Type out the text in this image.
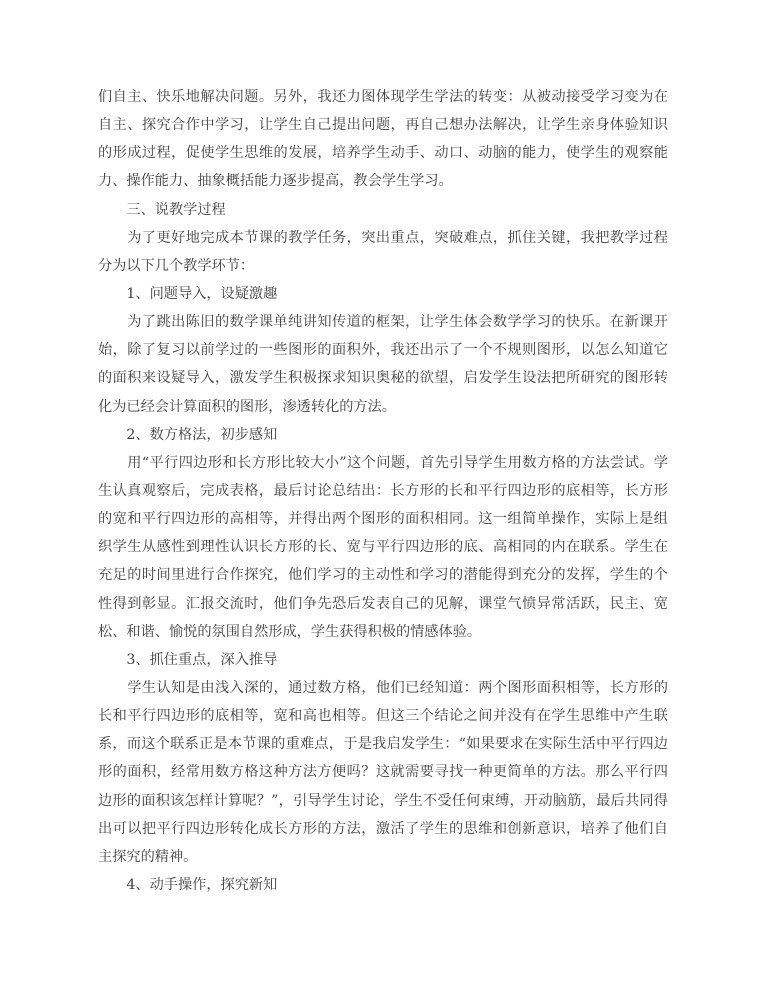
们自主、快乐地解决问题。另外，我还力图体现学生学法的转变：从被动接受学习变为在
自主、探究合作中学习，让学生自己提出问题，再自己想办法解决，让学生亲身体验知识
的形成过程，促使学生思维的发展，培养学生动手、动口、动脑的能力，使学生的观察能
力、操作能力、抽象概括能力逐步提高，教会学生学习。
　　三、说教学过程
　　为了更好地完成本节课的教学任务，突出重点，突破难点，抓住关键，我把教学过程
分为以下几个教学环节：
　　1、问题导入，设疑激趣
　　为了跳出陈旧的数学课单纯讲知传道的框架，让学生体会数学学习的快乐。在新课开
始，除了复习以前学过的一些图形的面积外，我还出示了一个不规则图形，以怎么知道它
的面积来设疑导入，激发学生积极探求知识奥秘的欲望，启发学生设法把所研究的图形转
化为已经会计算面积的图形，渗透转化的方法。
　　2、数方格法，初步感知
　　用“平行四边形和长方形比较大小”这个问题，首先引导学生用数方格的方法尝试。学
生认真观察后，完成表格，最后讨论总结出：长方形的长和平行四边形的底相等，长方形
的宽和平行四边形的高相等，并得出两个图形的面积相同。这一组简单操作，实际上是组
织学生从感性到理性认识长方形的长、宽与平行四边形的底、高相同的内在联系。学生在
充足的时间里进行合作探究，他们学习的主动性和学习的潜能得到充分的发挥，学生的个
性得到彰显。汇报交流时，他们争先恐后发表自己的见解，课堂气愤异常活跃，民主、宽
松、和谐、愉悦的氛围自然形成，学生获得积极的情感体验。
　　3、抓住重点，深入推导
　　学生认知是由浅入深的，通过数方格，他们已经知道：两个图形面积相等，长方形的
长和平行四边形的底相等，宽和高也相等。但这三个结论之间并没有在学生思维中产生联
系，而这个联系正是本节课的重难点，于是我启发学生：“如果要求在实际生活中平行四边
形的面积，经常用数方格这种方法方便吗？这就需要寻找一种更简单的方法。那么平行四
边形的面积该怎样计算呢？”，引导学生讨论，学生不受任何束缚，开动脑筋，最后共同得
出可以把平行四边形转化成长方形的方法，激活了学生的思维和创新意识，培养了他们自
主探究的精神。
　　4、动手操作，探究新知
